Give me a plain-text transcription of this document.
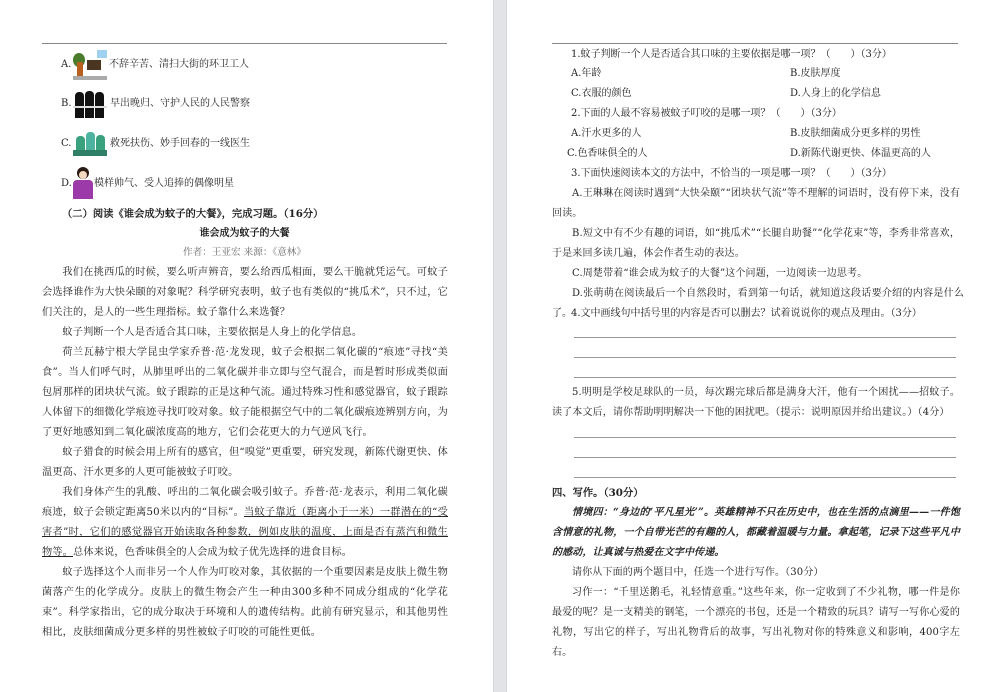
A.	不辞辛苦、清扫大街的环卫工人
B.	早出晚归、守护人民的人民警察
C.	救死扶伤、妙手回春的一线医生
D. 模样帅气、受人追捧的偶像明星
（二）阅读《谁会成为蚊子的大餐》，完成习题。（16分）
谁会成为蚊子的大餐
作者：王亚宏 来源：《意林》
我们在挑西瓜的时候，要么听声辨音，要么给西瓜相面，要么干脆就凭运气。可蚊子会选择谁作为大快朵颐的对象呢？科学研究表明，蚊子也有类似的“挑瓜术”，只不过，它们关注的，是人的一些生理指标。蚊子靠什么来选餐？
蚊子判断一个人是否适合其口味，主要依据是人身上的化学信息。
荷兰瓦赫宁根大学昆虫学家乔普·范·龙发现，蚊子会根据二氧化碳的“痕迹”寻找“美食”。当人们呼气时，从肺里呼出的二氧化碳并非立即与空气混合，而是暂时形成类似面包屑那样的团块状气流。蚊子跟踪的正是这种气流。通过特殊习性和感觉器官，蚊子跟踪人体留下的细微化学痕迹寻找叮咬对象。蚊子能根据空气中的二氧化碳痕迹辨别方向，为了更好地感知到二氧化碳浓度高的地方，它们会花更大的力气逆风飞行。
蚊子猎食的时候会用上所有的感官，但“嗅觉”更重要，研究发现，新陈代谢更快、体温更高、汗水更多的人更可能被蚊子叮咬。
我们身体产生的乳酸、呼出的二氧化碳会吸引蚊子。乔普·范·龙表示，利用二氧化碳痕迹，蚊子会锁定距离50米以内的“目标”。当蚊子靠近（距离小于一米）一群潜在的“受害者”时，它们的感觉器官开始读取各种参数，例如皮肤的温度，上面是否有蒸汽和微生物等。总体来说，色香味俱全的人会成为蚊子优先选择的进食目标。
蚊子选择这个人而非另一个人作为叮咬对象，其依据的一个重要因素是皮肤上微生物菌落产生的化学成分。皮肤上的微生物会产生一种由300多种不同成分组成的“化学花束”。科学家指出，它的成分取决于环境和人的遗传结构。此前有研究显示，和其他男性相比，皮肤细菌成分更多样的男性被蚊子叮咬的可能性更低。
1.蚊子判断一个人是否适合其口味的主要依据是哪一项？（　　）（3分）
A.年龄	B.皮肤厚度
C.衣服的颜色	D.人身上的化学信息
2.下面的人最不容易被蚊子叮咬的是哪一项？（　　）（3分）
A.汗水更多的人	B.皮肤细菌成分更多样的男性
C.色香味俱全的人	D.新陈代谢更快、体温更高的人
3.下面快速阅读本文的方法中，不恰当的一项是哪一项？（　　）（3分）
A.王琳琳在阅读时遇到“大快朵颐”“团块状气流”等不理解的词语时，没有停下来，没有回读。
B.短文中有不少有趣的词语，如“挑瓜术”“长腿自助餐”“化学花束”等，李秀非常喜欢，于是来回多读几遍，体会作者生动的表达。
C.周楚带着“谁会成为蚊子的大餐”这个问题，一边阅读一边思考。
D.张萌萌在阅读最后一个自然段时，看到第一句话，就知道这段话要介绍的内容是什么了。 4.文中画线句中括号里的内容是否可以删去？试着说说你的观点及理由。（3分）
5.明明是学校足球队的一员，每次踢完球后都是满身大汗，他有一个困扰——招蚊子。读了本文后，请你帮助明明解决一下他的困扰吧。（提示：说明原因并给出建议。）（4分）
四、写作。（30分）
情境四：“身边的‘平凡星光’”。英雄精神不只在历史中，也在生活的点滴里——一件饱含情意的礼物，一个自带光芒的有趣的人，都藏着温暖与力量。拿起笔，记录下这些平凡中的感动，让真诚与热爱在文字中传递。
请你从下面的两个题目中，任选一个进行写作。（30分）
习作一：“千里送鹅毛，礼轻情意重。”这些年来，你一定收到了不少礼物，哪一件是你最爱的呢？是一支精美的钢笔，一个漂亮的书包，还是一个精致的玩具？请写一写你心爱的礼物，写出它的样子，写出礼物背后的故事，写出礼物对你的特殊意义和影响，400字左右。
